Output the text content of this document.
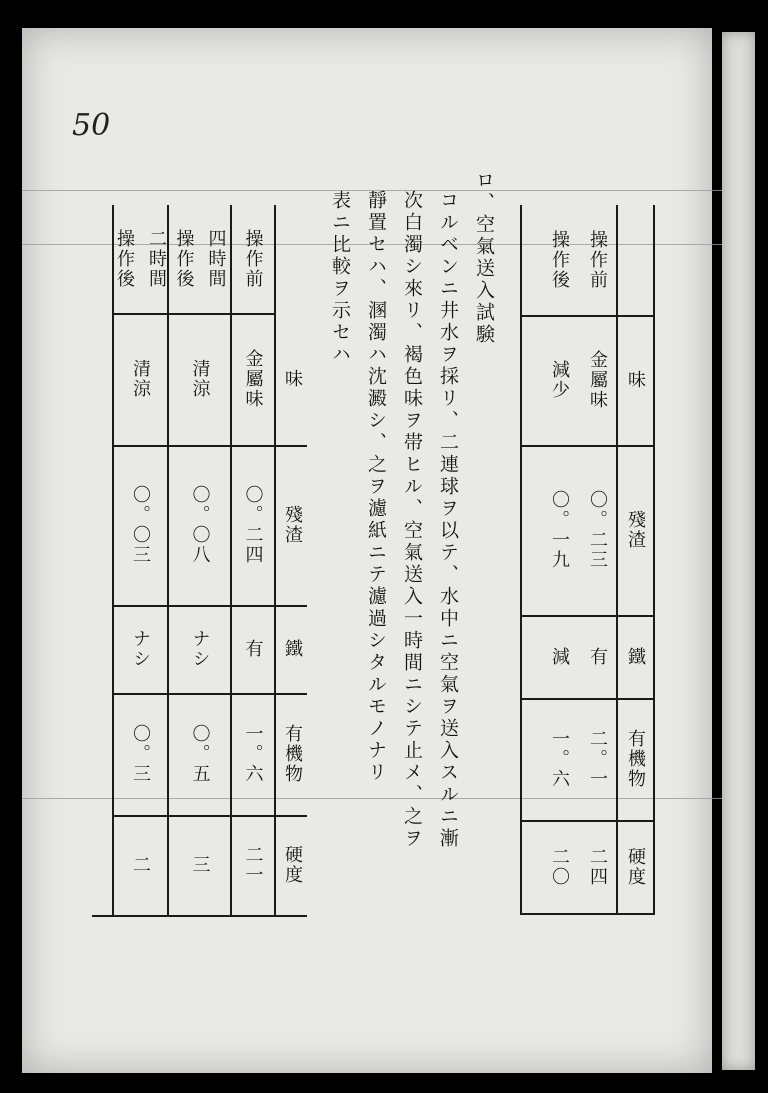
50
ロ、空氣送入試験
コルベンニ井水ヲ採リ、二連球ヲ以テ、水中ニ空氣ヲ送入スルニ漸
次白濁シ來リ、褐色味ヲ帯ヒル、空氣送入一時間ニシテ止メ、之ヲ
靜置セハ、溷濁ハ沈澱シ、之ヲ濾紙ニテ濾過シタルモノナリ
表ニ比較ヲ示セハ
味
殘渣
鐵
有機物
硬度
操作前
操作後
金屬味
〇。二三
有
二。一
二四
減少
〇。一九
減
一。六
二〇
味
殘渣
鐵
有機物
硬度
操作前
四時間
操作後
二時間
操作後
金屬味
〇。二四
有
一。六
二一
清涼
〇。〇八
ナシ
〇。五
三
清涼
〇。〇三
ナシ
〇。三
二
